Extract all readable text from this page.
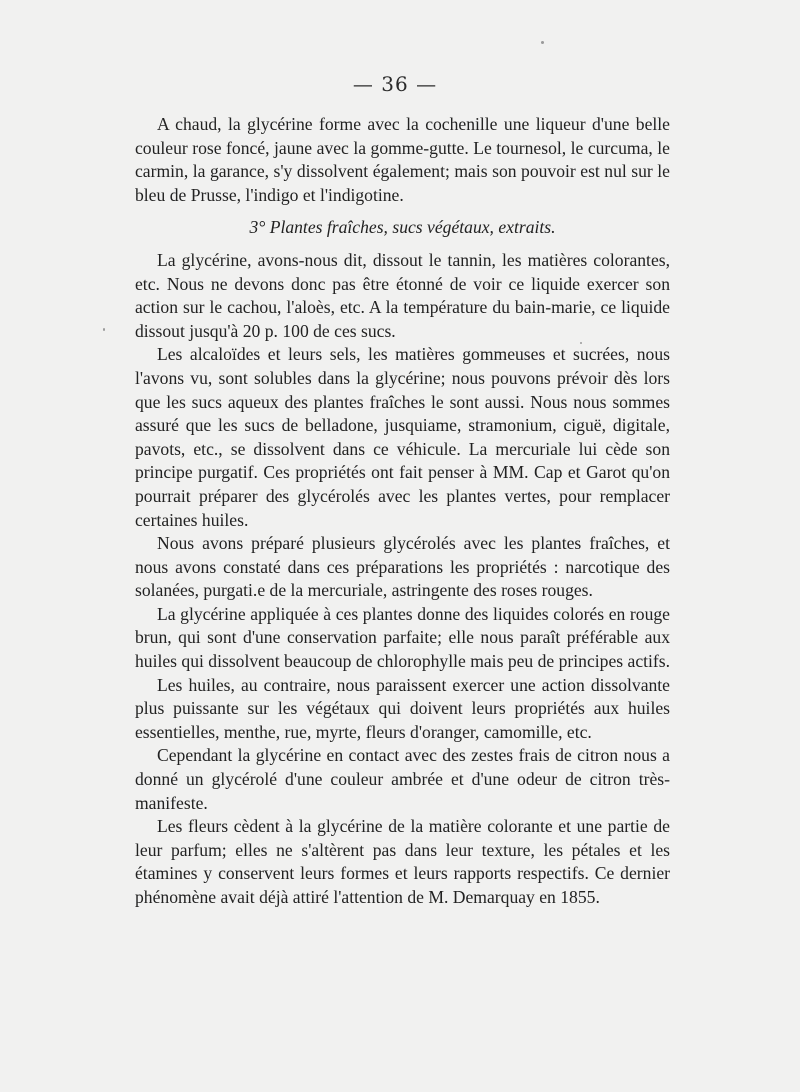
— 36 —

A chaud, la glycérine forme avec la cochenille une liqueur d'une belle couleur rose foncé, jaune avec la gomme-gutte. Le tournesol, le curcuma, le carmin, la garance, s'y dissolvent également; mais son pouvoir est nul sur le bleu de Prusse, l'indigo et l'indigotine.

3° Plantes fraîches, sucs végétaux, extraits.

La glycérine, avons-nous dit, dissout le tannin, les matières colorantes, etc. Nous ne devons donc pas être étonné de voir ce liquide exercer son action sur le cachou, l'aloès, etc. A la température du bain-marie, ce liquide dissout jusqu'à 20 p. 100 de ces sucs.

Les alcaloïdes et leurs sels, les matières gommeuses et sucrées, nous l'avons vu, sont solubles dans la glycérine; nous pouvons prévoir dès lors que les sucs aqueux des plantes fraîches le sont aussi. Nous nous sommes assuré que les sucs de belladone, jusquiame, stramonium, ciguë, digitale, pavots, etc., se dissolvent dans ce véhicule. La mercuriale lui cède son principe purgatif. Ces propriétés ont fait penser à MM. Cap et Garot qu'on pourrait préparer des glycérolés avec les plantes vertes, pour remplacer certaines huiles.

Nous avons préparé plusieurs glycérolés avec les plantes fraîches, et nous avons constaté dans ces préparations les propriétés : narcotique des solanées, purgati.e de la mercuriale, astringente des roses rouges.

La glycérine appliquée à ces plantes donne des liquides colorés en rouge brun, qui sont d'une conservation parfaite; elle nous paraît préférable aux huiles qui dissolvent beaucoup de chlorophylle mais peu de principes actifs.

Les huiles, au contraire, nous paraissent exercer une action dissolvante plus puissante sur les végétaux qui doivent leurs propriétés aux huiles essentielles, menthe, rue, myrte, fleurs d'oranger, camomille, etc.

Cependant la glycérine en contact avec des zestes frais de citron nous a donné un glycérolé d'une couleur ambrée et d'une odeur de citron très-manifeste.

Les fleurs cèdent à la glycérine de la matière colorante et une partie de leur parfum; elles ne s'altèrent pas dans leur texture, les pétales et les étamines y conservent leurs formes et leurs rapports respectifs. Ce dernier phénomène avait déjà attiré l'attention de M. Demarquay en 1855.
